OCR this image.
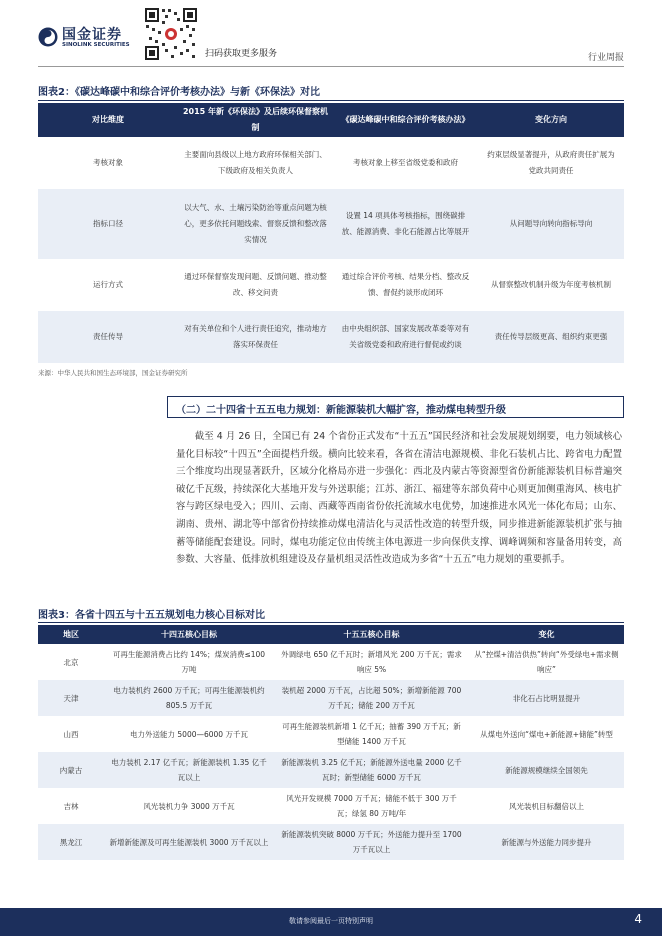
国金证券
SINOLINK SECURITIES
扫码获取更多服务	行业周报
图表2：《碳达峰碳中和综合评价考核办法》与新《环保法》对比
对比维度	2015 年新《环保法》及后续环保督察机制	《碳达峰碳中和综合评价考核办法》	变化方向
考核对象	主要面向县级以上地方政府环保相关部门、下级政府及相关负责人	考核对象上移至省级党委和政府	约束层级显著提升，从政府责任扩展为党政共同责任
指标口径	以大气、水、土壤污染防治等重点问题为核心，更多依托问题线索、督察反馈和整改落实情况	设置 14 项具体考核指标，围绕碳排放、能源消费、非化石能源占比等展开	从问题导向转向指标导向
运行方式	通过环保督察发现问题、反馈问题、推动整改、移交问责	通过综合评价考核、结果分档、整改反馈、督促约谈形成闭环	从督察整改机制升级为年度考核机制
责任传导	对有关单位和个人进行责任追究，推动地方落实环保责任	由中央组织部、国家发展改革委等对有关省级党委和政府进行督促或约谈	责任传导层级更高、组织约束更强
来源：中华人民共和国生态环境部，国金证券研究所
（二）二十四省十五五电力规划：新能源装机大幅扩容，推动煤电转型升级

截至 4 月 26 日，全国已有 24 个省份正式发布“十五五”国民经济和社会发展规划纲要，电力领域核心量化目标较“十四五”全面提档升级。横向比较来看，各省在清洁电源规模、非化石装机占比、跨省电力配置三个维度均出现显著跃升，区域分化格局亦进一步强化：西北及内蒙古等资源型省份新能源装机目标普遍突破亿千瓦级，持续深化大基地开发与外送职能；江苏、浙江、福建等东部负荷中心则更加侧重海风、核电扩容与跨区绿电受入；四川、云南、西藏等西南省份依托流域水电优势，加速推进水风光一体化布局；山东、湖南、贵州、湖北等中部省份持续推动煤电清洁化与灵活性改造的转型升级，同步推进新能源装机扩张与抽蓄等储能配套建设。同时，煤电功能定位由传统主体电源进一步向保供支撑、调峰调频和容量备用转变，高参数、大容量、低排放机组建设及存量机组灵活性改造成为多省“十五五”电力规划的重要抓手。

图表3：各省十四五与十五五规划电力核心目标对比
地区	十四五核心目标	十五五核心目标	变化
北京	可再生能源消费占比约 14%；煤炭消费≤100 万吨	外调绿电 650 亿千瓦时；新增风光 200 万千瓦；需求响应 5%	从“控煤+清洁供热”转向“外受绿电+需求侧响应”
天津	电力装机约 2600 万千瓦；可再生能源装机约 805.5 万千瓦	装机超 2000 万千瓦，占比超 50%；新增新能源 700 万千瓦；储能 200 万千瓦	非化石占比明显提升
山西	电力外送能力 5000—6000 万千瓦	可再生能源装机新增 1 亿千瓦；抽蓄 390 万千瓦；新型储能 1400 万千瓦	从煤电外送向“煤电+新能源+储能”转型
内蒙古	电力装机 2.17 亿千瓦；新能源装机 1.35 亿千瓦以上	新能源装机 3.25 亿千瓦；新能源外送电量 2000 亿千瓦时；新型储能 6000 万千瓦	新能源规模继续全国领先
吉林	风光装机力争 3000 万千瓦	风光开发规模 7000 万千瓦；储能不低于 300 万千瓦；绿氢 80 万吨/年	风光装机目标翻倍以上
黑龙江	新增新能源及可再生能源装机 3000 万千瓦以上	新能源装机突破 8000 万千瓦；外送能力提升至 1700 万千瓦以上	新能源与外送能力同步提升
敬请参阅最后一页特别声明	4
